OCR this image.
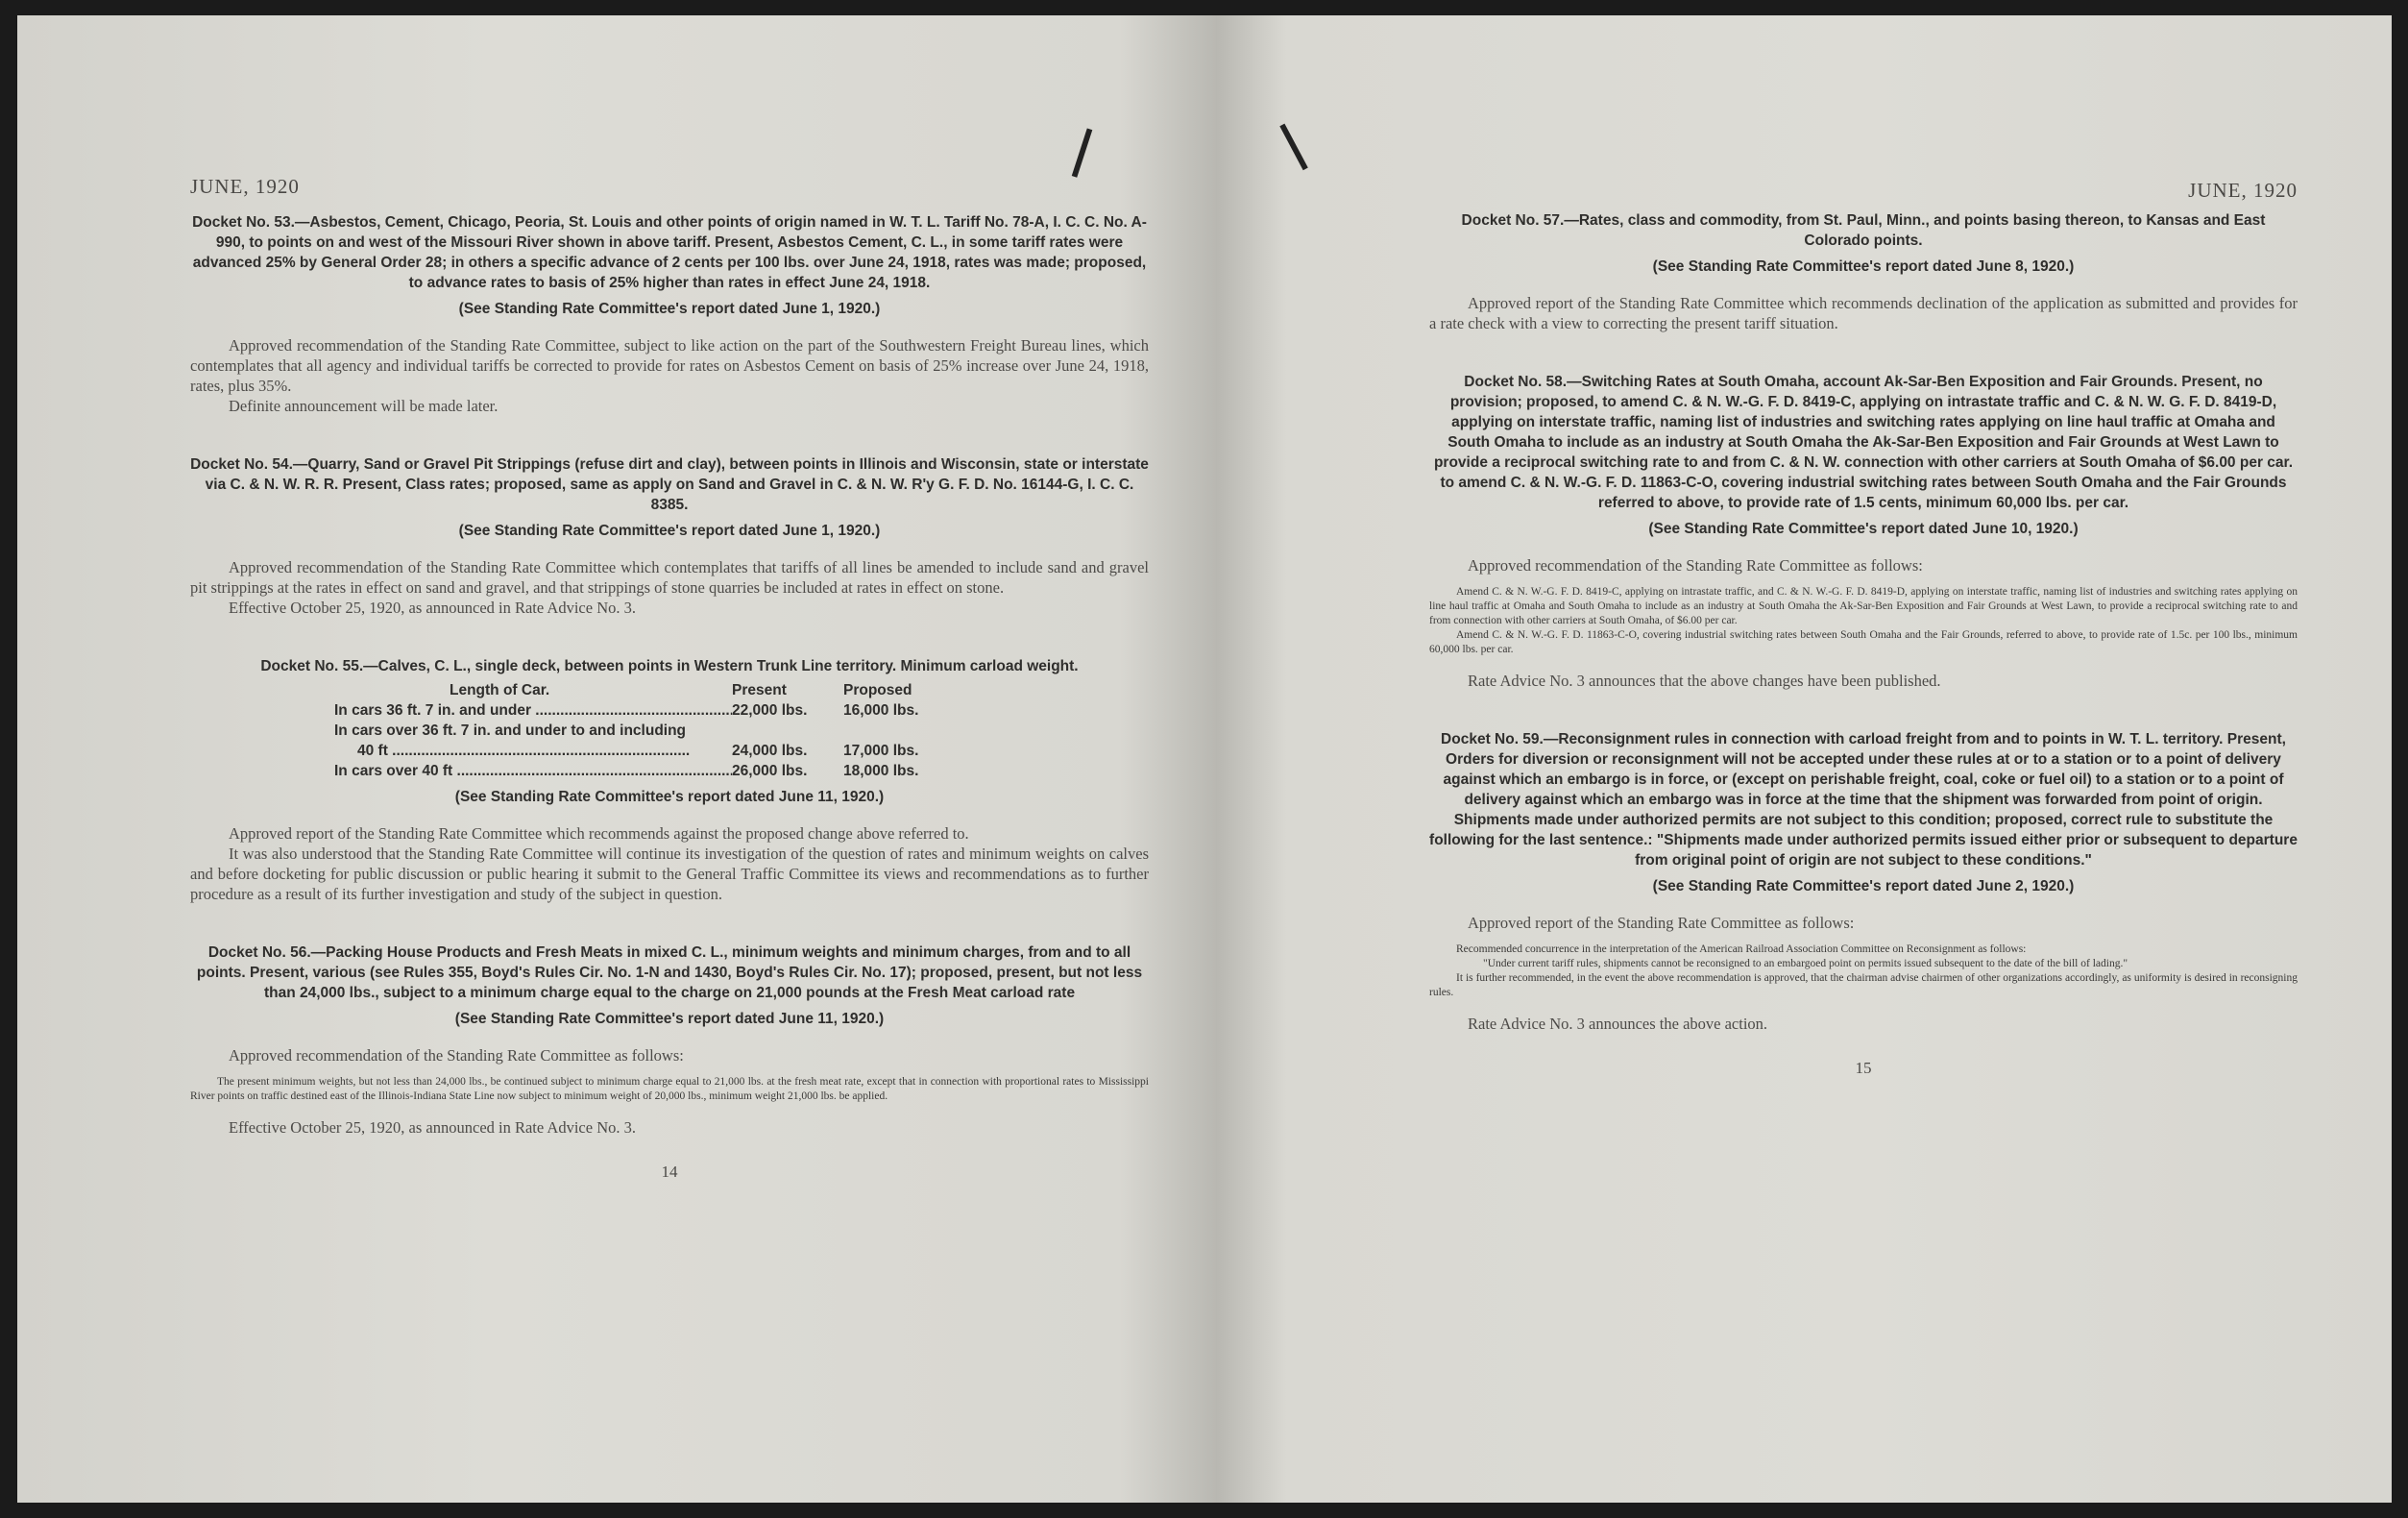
|
JUNE, 1920

Docket No. 53.—Asbestos, Cement, Chicago, Peoria, St. Louis and other points of origin named in W. T. L. Tariff No. 78-A, I. C. C. No. A-990, to points on and west of the Missouri River shown in above tariff. Present, Asbestos Cement, C. L., in some tariff rates were advanced 25% by General Order 28; in others a specific advance of 2 cents per 100 lbs. over June 24, 1918, rates was made; proposed, to advance rates to basis of 25% higher than rates in effect June 24, 1918.

(See Standing Rate Committee's report dated June 1, 1920.)

Approved recommendation of the Standing Rate Committee, subject to like action on the part of the Southwestern Freight Bureau lines, which contemplates that all agency and individual tariffs be corrected to provide for rates on Asbestos Cement on basis of 25% increase over June 24, 1918, rates, plus 35%.
Definite announcement will be made later.

Docket No. 54.—Quarry, Sand or Gravel Pit Strippings (refuse dirt and clay), between points in Illinois and Wisconsin, state or interstate via C. & N. W. R. R. Present, Class rates; proposed, same as apply on Sand and Gravel in C. & N. W. R'y G. F. D. No. 16144-G, I. C. C. 8385.

(See Standing Rate Committee's report dated June 1, 1920.)

Approved recommendation of the Standing Rate Committee which contemplates that tariffs of all lines be amended to include sand and gravel pit strippings at the rates in effect on sand and gravel, and that strippings of stone quarries be included at rates in effect on stone.
Effective October 25, 1920, as announced in Rate Advice No. 3.

Docket No. 55.—Calves, C. L., single deck, between points in Western Trunk Line territory. Minimum carload weight.

Length of Car.	Present	Proposed
In cars 36 ft. 7 in. and under .....	22,000 lbs.	16,000 lbs.
In cars over 36 ft. 7 in. and under to and including
40 ft .....	24,000 lbs.	17,000 lbs.
In cars over 40 ft .....	26,000 lbs.	18,000 lbs.
(See Standing Rate Committee's report dated June 11, 1920.)

Approved report of the Standing Rate Committee which recommends against the proposed change above referred to.
It was also understood that the Standing Rate Committee will continue its investigation of the question of rates and minimum weights on calves and before docketing for public discussion or public hearing it submit to the General Traffic Committee its views and recommendations as to further procedure as a result of its further investigation and study of the subject in question.

Docket No. 56.—Packing House Products and Fresh Meats in mixed C. L., minimum weights and minimum charges, from and to all points. Present, various (see Rules 355, Boyd's Rules Cir. No. 1-N and 1430, Boyd's Rules Cir. No. 17); proposed, present, but not less than 24,000 lbs., subject to a minimum charge equal to the charge on 21,000 pounds at the Fresh Meat carload rate

(See Standing Rate Committee's report dated June 11, 1920.)

Approved recommendation of the Standing Rate Committee as follows:

The present minimum weights, but not less than 24,000 lbs., be continued subject to minimum charge equal to 21,000 lbs. at the fresh meat rate, except that in connection with proportional rates to Mississippi River points on traffic destined east of the Illinois-Indiana State Line now subject to minimum weight of 20,000 lbs., minimum weight 21,000 lbs. be applied.

Effective October 25, 1920, as announced in Rate Advice No. 3.

14
|
JUNE, 1920

Docket No. 57.—Rates, class and commodity, from St. Paul, Minn., and points basing thereon, to Kansas and East Colorado points.

(See Standing Rate Committee's report dated June 8, 1920.)

Approved report of the Standing Rate Committee which recommends declination of the application as submitted and provides for a rate check with a view to correcting the present tariff situation.

Docket No. 58.—Switching Rates at South Omaha, account Ak-Sar-Ben Exposition and Fair Grounds. Present, no provision; proposed, to amend C. & N. W.-G. F. D. 8419-C, applying on intrastate traffic and C. & N. W. G. F. D. 8419-D, applying on interstate traffic, naming list of industries and switching rates applying on line haul traffic at Omaha and South Omaha to include as an industry at South Omaha the Ak-Sar-Ben Exposition and Fair Grounds at West Lawn to provide a reciprocal switching rate to and from C. & N. W. connection with other carriers at South Omaha of $6.00 per car. to amend C. & N. W.-G. F. D. 11863-C-O, covering industrial switching rates between South Omaha and the Fair Grounds referred to above, to provide rate of 1.5 cents, minimum 60,000 lbs. per car.

(See Standing Rate Committee's report dated June 10, 1920.)

Approved recommendation of the Standing Rate Committee as follows:

Amend C. & N. W.-G. F. D. 8419-C, applying on intrastate traffic, and C. & N. W.-G. F. D. 8419-D, applying on interstate traffic, naming list of industries and switching rates applying on line haul traffic at Omaha and South Omaha to include as an industry at South Omaha the Ak-Sar-Ben Exposition and Fair Grounds at West Lawn, to provide a reciprocal switching rate to and from connection with other carriers at South Omaha, of $6.00 per car.
Amend C. & N. W.-G. F. D. 11863-C-O, covering industrial switching rates between South Omaha and the Fair Grounds, referred to above, to provide rate of 1.5c. per 100 lbs., minimum 60,000 lbs. per car.

Rate Advice No. 3 announces that the above changes have been published.

Docket No. 59.—Reconsignment rules in connection with carload freight from and to points in W. T. L. territory. Present, Orders for diversion or reconsignment will not be accepted under these rules at or to a station or to a point of delivery against which an embargo is in force, or (except on perishable freight, coal, coke or fuel oil) to a station or to a point of delivery against which an embargo was in force at the time that the shipment was forwarded from point of origin. Shipments made under authorized permits are not subject to this condition; proposed, correct rule to substitute the following for the last sentence.: "Shipments made under authorized permits issued either prior or subsequent to departure from original point of origin are not subject to these conditions."

(See Standing Rate Committee's report dated June 2, 1920.)

Approved report of the Standing Rate Committee as follows:

Recommended concurrence in the interpretation of the American Railroad Association Committee on Reconsignment as follows:
"Under current tariff rules, shipments cannot be reconsigned to an embargoed point on permits issued subsequent to the date of the bill of lading."
It is further recommended, in the event the above recommendation is approved, that the chairman advise chairmen of other organizations accordingly, as uniformity is desired in reconsigning rules.

Rate Advice No. 3 announces the above action.

15
